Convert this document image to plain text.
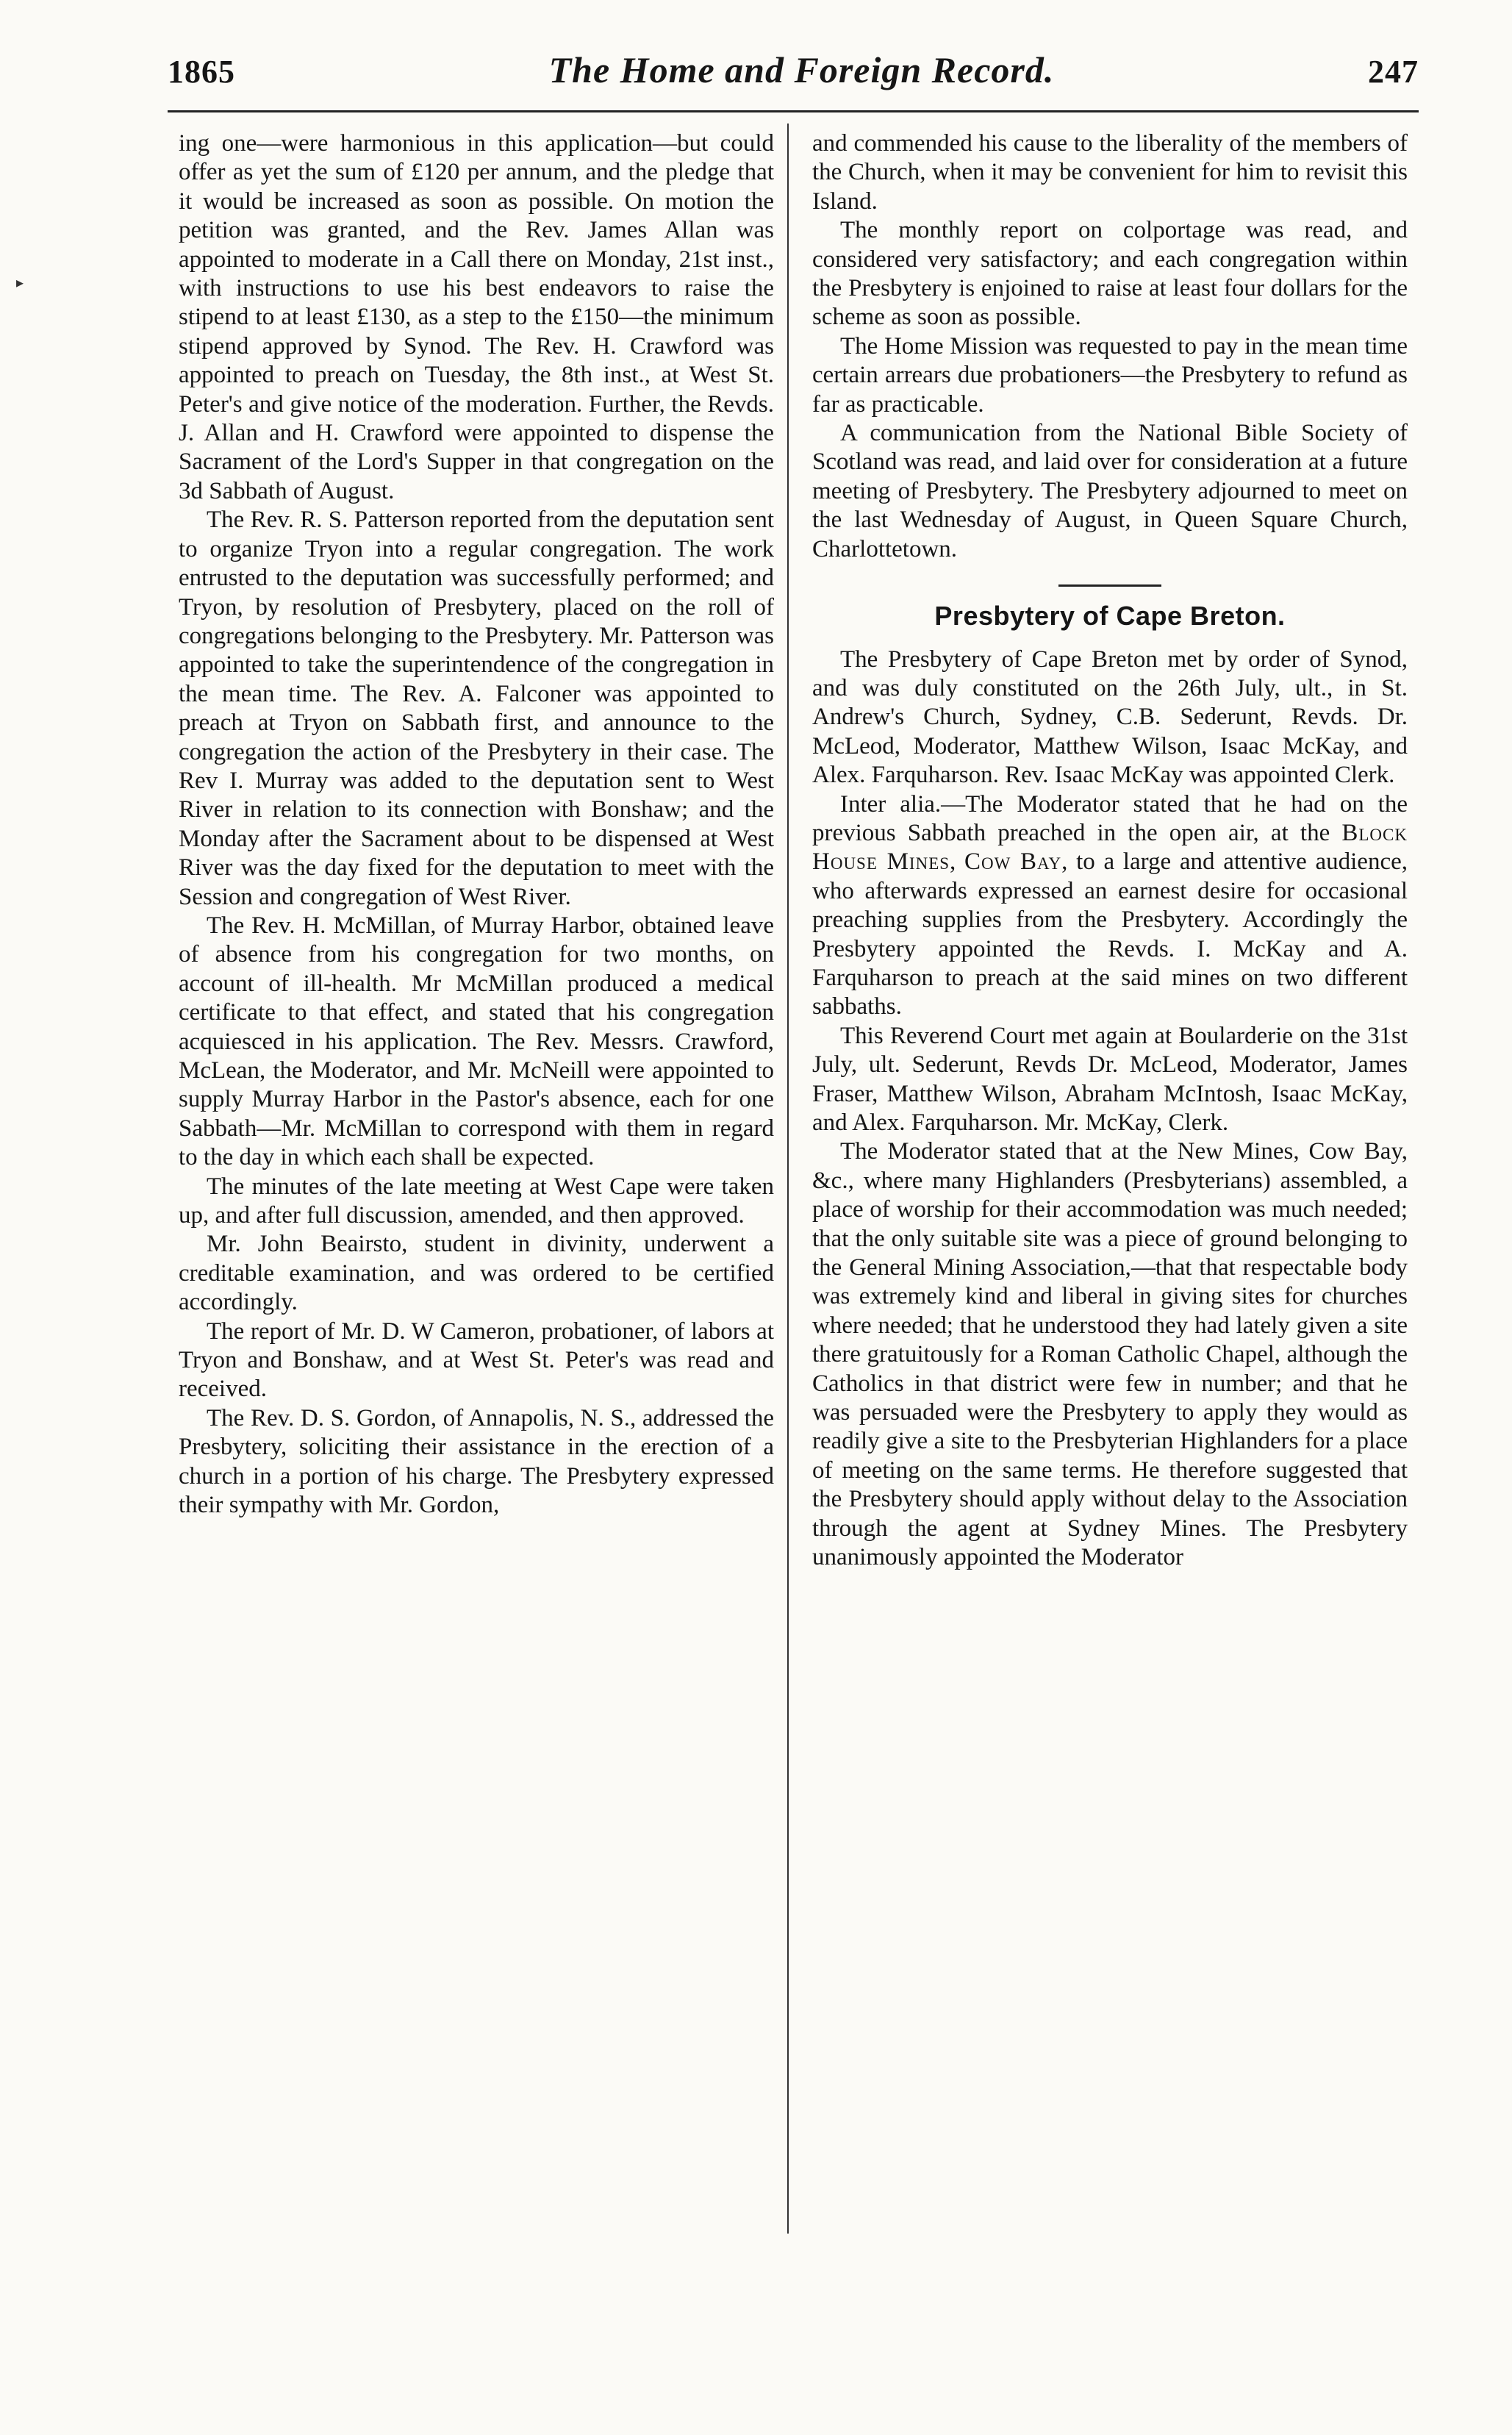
▸
1865	The Home and Foreign Record.	247

ing one—were harmonious in this application—but could offer as yet the sum of £120 per annum, and the pledge that it would be increased as soon as possible. On motion the petition was granted, and the Rev. James Allan was appointed to moderate in a Call there on Monday, 21st inst., with instructions to use his best endeavors to raise the stipend to at least £130, as a step to the £150—the minimum stipend approved by Synod. The Rev. H. Crawford was appointed to preach on Tuesday, the 8th inst., at West St. Peter's and give notice of the moderation. Further, the Revds. J. Allan and H. Crawford were appointed to dispense the Sacrament of the Lord's Supper in that congregation on the 3d Sabbath of August.

The Rev. R. S. Patterson reported from the deputation sent to organize Tryon into a regular congregation. The work entrusted to the deputation was successfully performed; and Tryon, by resolution of Presbytery, placed on the roll of congregations belonging to the Presbytery. Mr. Patterson was appointed to take the superintendence of the congregation in the mean time. The Rev. A. Falconer was appointed to preach at Tryon on Sabbath first, and announce to the congregation the action of the Presbytery in their case. The Rev I. Murray was added to the deputation sent to West River in relation to its connection with Bonshaw; and the Monday after the Sacrament about to be dispensed at West River was the day fixed for the deputation to meet with the Session and congregation of West River.

The Rev. H. McMillan, of Murray Harbor, obtained leave of absence from his congregation for two months, on account of ill-health. Mr McMillan produced a medical certificate to that effect, and stated that his congregation acquiesced in his application. The Rev. Messrs. Crawford, McLean, the Moderator, and Mr. McNeill were appointed to supply Murray Harbor in the Pastor's absence, each for one Sabbath—Mr. McMillan to correspond with them in regard to the day in which each shall be expected.

The minutes of the late meeting at West Cape were taken up, and after full discussion, amended, and then approved.

Mr. John Beairsto, student in divinity, underwent a creditable examination, and was ordered to be certified accordingly.

The report of Mr. D. W Cameron, probationer, of labors at Tryon and Bonshaw, and at West St. Peter's was read and received.

The Rev. D. S. Gordon, of Annapolis, N. S., addressed the Presbytery, soliciting their assistance in the erection of a church in a portion of his charge. The Presbytery expressed their sympathy with Mr. Gordon,

and commended his cause to the liberality of the members of the Church, when it may be convenient for him to revisit this Island.

The monthly report on colportage was read, and considered very satisfactory; and each congregation within the Presbytery is enjoined to raise at least four dollars for the scheme as soon as possible.

The Home Mission was requested to pay in the mean time certain arrears due probationers—the Presbytery to refund as far as practicable.

A communication from the National Bible Society of Scotland was read, and laid over for consideration at a future meeting of Presbytery. The Presbytery adjourned to meet on the last Wednesday of August, in Queen Square Church, Charlottetown.

Presbytery of Cape Breton.

The Presbytery of Cape Breton met by order of Synod, and was duly constituted on the 26th July, ult., in St. Andrew's Church, Sydney, C.B. Sederunt, Revds. Dr. McLeod, Moderator, Matthew Wilson, Isaac McKay, and Alex. Farquharson. Rev. Isaac McKay was appointed Clerk.

Inter alia.—The Moderator stated that he had on the previous Sabbath preached in the open air, at the Block House Mines, Cow Bay, to a large and attentive audience, who afterwards expressed an earnest desire for occasional preaching supplies from the Presbytery. Accordingly the Presbytery appointed the Revds. I. McKay and A. Farquharson to preach at the said mines on two different sabbaths.

This Reverend Court met again at Boularderie on the 31st July, ult. Sederunt, Revds Dr. McLeod, Moderator, James Fraser, Matthew Wilson, Abraham McIntosh, Isaac McKay, and Alex. Farquharson. Mr. McKay, Clerk.

The Moderator stated that at the New Mines, Cow Bay, &c., where many Highlanders (Presbyterians) assembled, a place of worship for their accommodation was much needed; that the only suitable site was a piece of ground belonging to the General Mining Association,—that that respectable body was extremely kind and liberal in giving sites for churches where needed; that he understood they had lately given a site there gratuitously for a Roman Catholic Chapel, although the Catholics in that district were few in number; and that he was persuaded were the Presbytery to apply they would as readily give a site to the Presbyterian Highlanders for a place of meeting on the same terms. He therefore suggested that the Presbytery should apply without delay to the Association through the agent at Sydney Mines. The Presbytery unanimously appointed the Moderator
